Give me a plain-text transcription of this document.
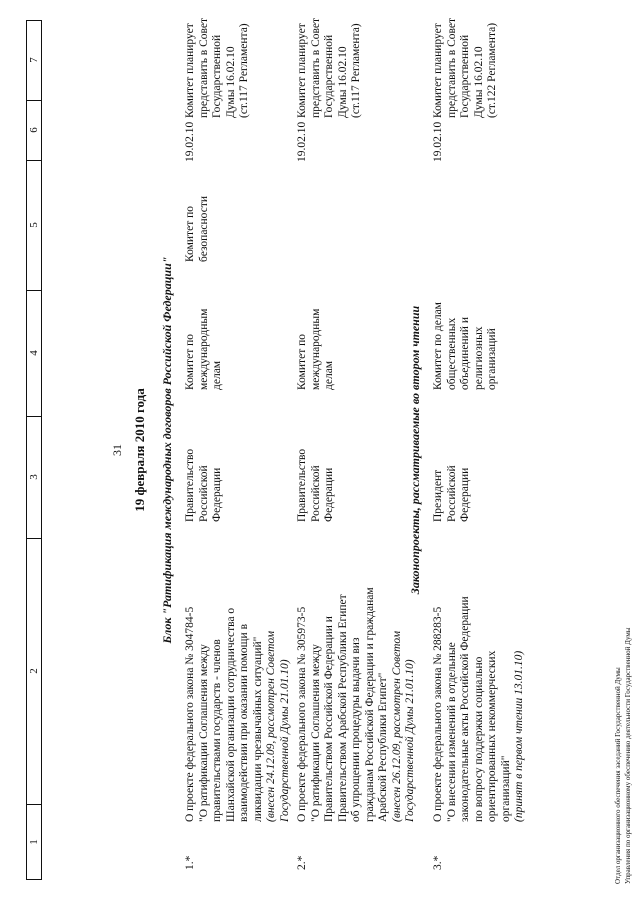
31
1
2
3
4
5
6
7
19 февраля 2010 года Блок "Ратификация международных договоров Российской Федерации"
1.*
О проекте федерального закона № 304784-5 "О ратификации Соглашения между правительствами государств - членов Шанхайской организации сотрудничества о взаимодействии при оказании помощи в ликвидации чрезвычайных ситуаций" (внесен 24.12.09, рассмотрен Советом Государственной Думы 21.01.10)
Правительство Российской Федерации
Комитет по международным делам
Комитет по безопасности
19.02.10
Комитет планирует представить в Совет Государственной Думы 16.02.10 (ст.117 Регламента)
2.*
О проекте федерального закона № 305973-5 "О ратификации Соглашения между Правительством Российской Федерации и Правительством Арабской Республики Египет об упрощении процедуры выдачи виз гражданам Российской Федерации и гражданам Арабской Республики Египет" (внесен 26.12.09, рассмотрен Советом Государственной Думы 21.01.10)
Правительство Российской Федерации
Комитет по международным делам
19.02.10
Комитет планирует представить в Совет Государственной Думы 16.02.10 (ст.117 Регламента)
Законопроекты, рассматриваемые во втором чтении
3.*
О проекте федерального закона № 288283-5 "О внесении изменений в отдельные законодательные акты Российской Федерации по вопросу поддержки социально ориентированных некоммерческих организаций" (принят в первом чтении 13.01.10)
Президент Российской Федерации
Комитет по делам общественных объединений и религиозных организаций
19.02.10
Комитет планирует представить в Совет Государственной Думы 16.02.10 (ст.122 Регламента)
Отдел организационного обеспечения заседаний Государственной Думы Управления по организационному обеспечению деятельности Государственной Думы
